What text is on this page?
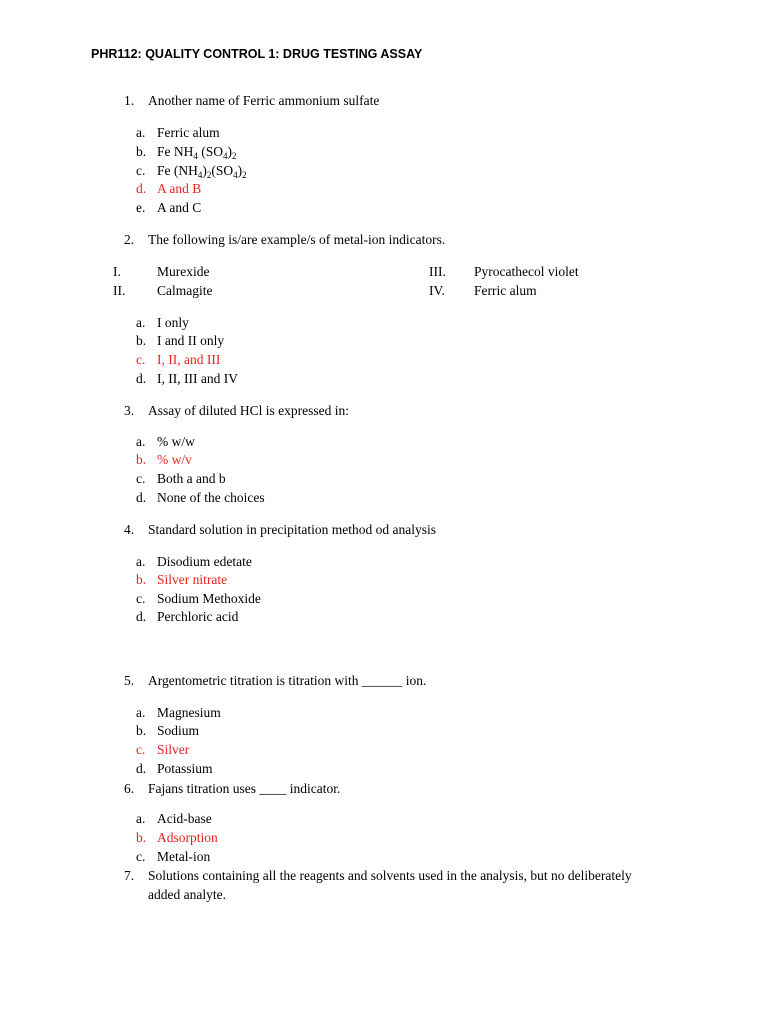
PHR112: QUALITY CONTROL 1: DRUG TESTING ASSAY
1. Another name of Ferric ammonium sulfate
a. Ferric alum
b. Fe $NH_4$ $(SO_4)_2$
c. Fe $(NH_4)_2(SO_4)_2$
d. A and B
e. A and C
2. The following is/are example/s of metal-ion indicators.
I.	Murexide
II. Calmagite
III. Pyrocathecol violet
IV. Ferric alum
a. I only
b. I and II only
c. I, II, and III
d. I, II, III and IV
3. Assay of diluted HCl is expressed in:
a. % w/w
b. % w/v
c. Both a and b
d. None of the choices
4. Standard solution in precipitation method od analysis
a. Disodium edetate
b. Silver nitrate
c. Sodium Methoxide
d. Perchloric acid
5. Argentometric titration is titration with ______ ion.
a. Magnesium
b. Sodium
c. Silver
d. Potassium
6. Fajans titration uses ____ indicator.
a. Acid-base
b. Adsorption
c. Metal-ion
7. Solutions containing all the reagents and solvents used in the analysis, but no deliberately
added analyte.
